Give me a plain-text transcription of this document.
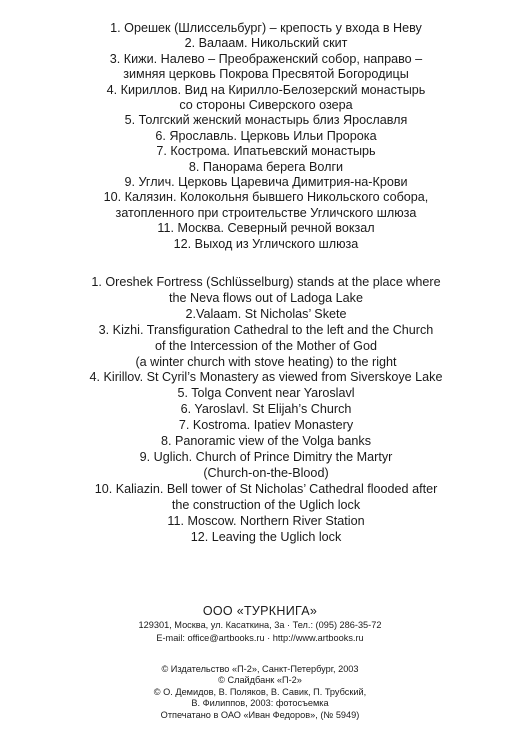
1. Орешек (Шлиссельбург) – крепость у входа в Неву
2. Валаам. Никольский скит
3. Кижи. Налево – Преображенский собор, направо –
зимняя церковь Покрова Пресвятой Богородицы
4. Кириллов. Вид на Кирилло-Белозерский монастырь
со стороны Сиверского озера
5. Толгский женский монастырь близ Ярославля
6. Ярославль. Церковь Ильи Пророка
7. Кострома. Ипатьевский монастырь
8. Панорама берега Волги
9. Углич. Церковь Царевича Димитрия-на-Крови
10. Калязин. Колокольня бывшего Никольского собора,
затопленного при строительстве Угличского шлюза
11. Москва. Северный речной вокзал
12. Выход из Угличского шлюза
1. Oreshek Fortress (Schlüsselburg) stands at the place where
the Neva flows out of Ladoga Lake
2.Valaam. St Nicholas’ Skete
3. Kizhi. Transfiguration Cathedral to the left and the Church
of the Intercession of the Mother of God
(a winter church with stove heating) to the right
4. Kirillov. St Cyril’s Monastery as viewed from Siverskoye Lake
5. Tolga Convent near Yaroslavl
6. Yaroslavl. St Elijah’s Church
7. Kostroma. Ipatiev Monastery
8. Panoramic view of the Volga banks
9. Uglich. Church of Prince Dimitry the Martyr
(Church-on-the-Blood)
10. Kaliazin. Bell tower of St Nicholas’ Cathedral flooded after
the construction of the Uglich lock
11. Moscow. Northern River Station
12. Leaving the Uglich lock
ООО «ТУРКНИГА»
129301, Москва, ул. Касаткина, 3а · Тел.: (095) 286-35-72
E-mail: office@artbooks.ru · http://www.artbooks.ru
© Издательство «П-2», Санкт-Петербург, 2003
© Слайдбанк «П-2»
© О. Демидов, В. Поляков, В. Савик, П. Трубский,
В. Филиппов, 2003: фотосъемка
Отпечатано в ОАО «Иван Федоров», (№ 5949)
